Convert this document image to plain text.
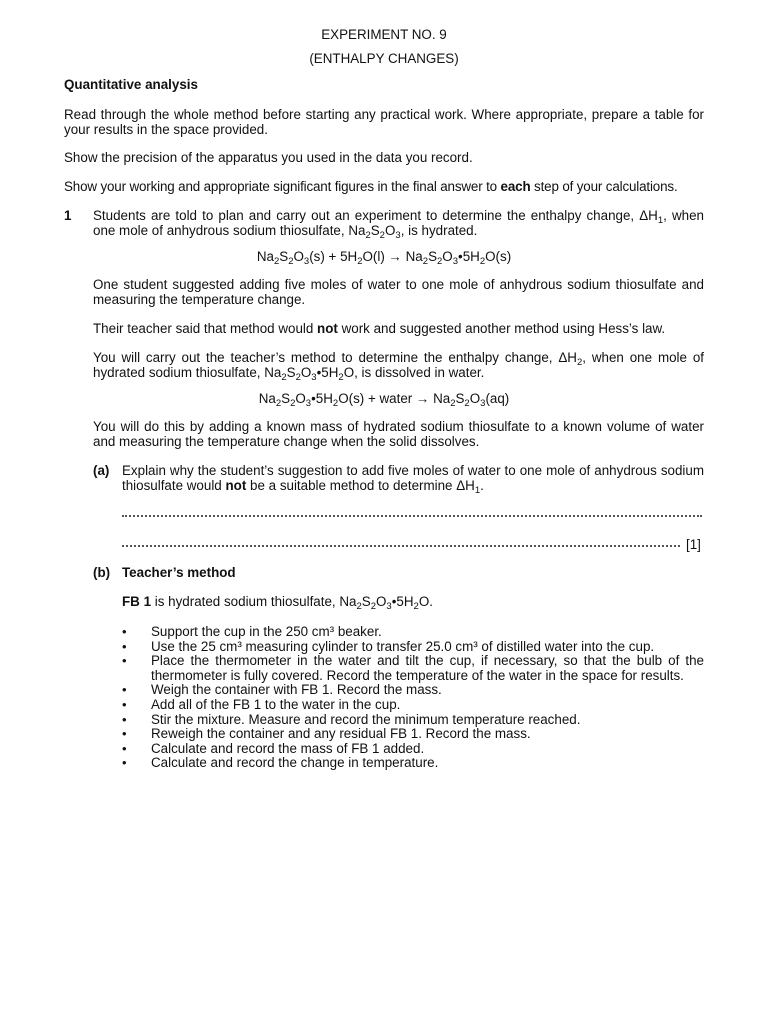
EXPERIMENT NO. 9
(ENTHALPY CHANGES)
Quantitative analysis
Read through the whole method before starting any practical work. Where appropriate, prepare a table for your results in the space provided.
Show the precision of the apparatus you used in the data you record.
Show your working and appropriate significant figures in the final answer to each step of your calculations.
1 Students are told to plan and carry out an experiment to determine the enthalpy change, $\Delta H_1$, when one mole of anhydrous sodium thiosulfate, $Na_2S_2O_3$, is hydrated.
$Na_2S_2O_3(s) + 5H_2O(l)$ → $Na_2S_2O_3•5H_2O(s)$
One student suggested adding five moles of water to one mole of anhydrous sodium thiosulfate and measuring the temperature change.
Their teacher said that method would not work and suggested another method using Hess’s law.
You will carry out the teacher’s method to determine the enthalpy change, $\Delta H_2$, when one mole of hydrated sodium thiosulfate, $Na_2S_2O_3•5H_2O$, is dissolved in water.
$Na_2S_2O_3•5H_2O(s)$ + water → $Na_2S_2O_3(aq)$
You will do this by adding a known mass of hydrated sodium thiosulfate to a known volume of water and measuring the temperature change when the solid dissolves.
(a) Explain why the student’s suggestion to add five moles of water to one mole of anhydrous sodium thiosulfate would not be a suitable method to determine $\Delta H_1$.
[1]
(b) Teacher’s method
FB 1 is hydrated sodium thiosulfate, $Na_2S_2O_3•5H_2O$.
• Support the cup in the 250 cm³ beaker.
• Use the 25 cm³ measuring cylinder to transfer 25.0 cm³ of distilled water into the cup.
• Place the thermometer in the water and tilt the cup, if necessary, so that the bulb of the thermometer is fully covered. Record the temperature of the water in the space for results.
• Weigh the container with FB 1. Record the mass.
• Add all of the FB 1 to the water in the cup.
• Stir the mixture. Measure and record the minimum temperature reached.
• Reweigh the container and any residual FB 1. Record the mass.
• Calculate and record the mass of FB 1 added.
• Calculate and record the change in temperature.
